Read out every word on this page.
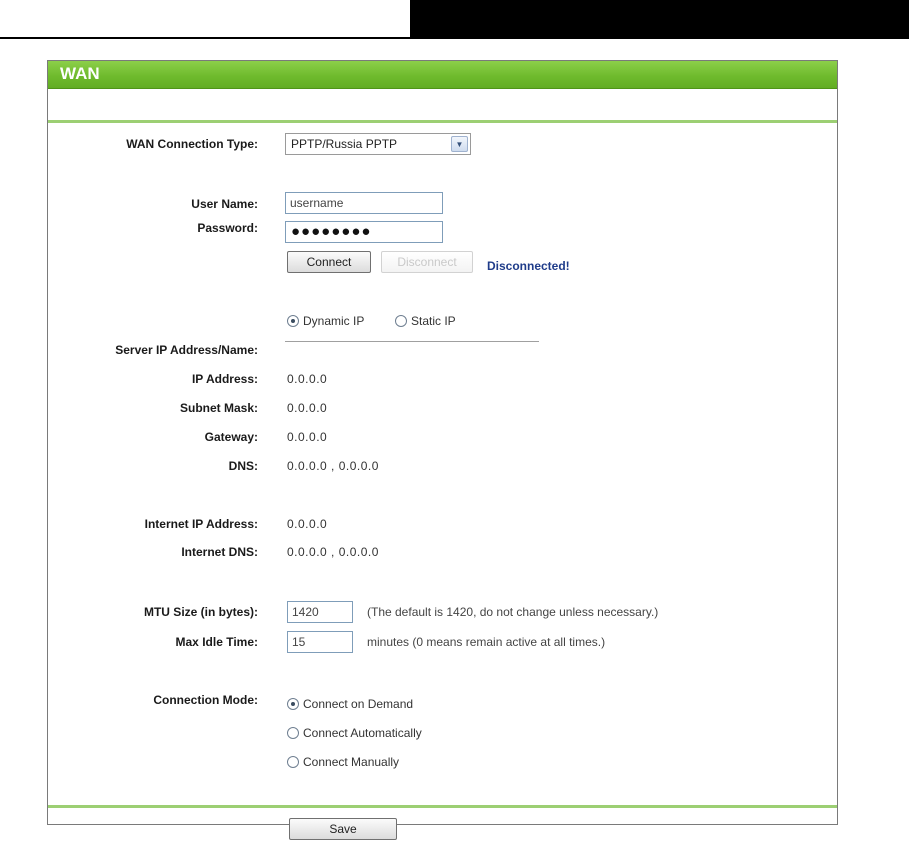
WAN
WAN Connection Type:	PPTP/Russia PPTP	▼
User Name:	username
Password:	●●●●●●●●
Connect	Disconnect	Disconnected!
Dynamic IP	Static IP
Server IP Address/Name:
IP Address: 0.0.0.0
Subnet Mask: 0.0.0.0
Gateway: 0.0.0.0
DNS: 0.0.0.0 , 0.0.0.0
Internet IP Address: 0.0.0.0
Internet DNS: 0.0.0.0 , 0.0.0.0
MTU Size (in bytes):	1420	(The default is 1420, do not change unless necessary.)
Max Idle Time:	15	minutes (0 means remain active at all times.)
Connection Mode:	Connect on Demand
Connect Automatically
Connect Manually
Save
